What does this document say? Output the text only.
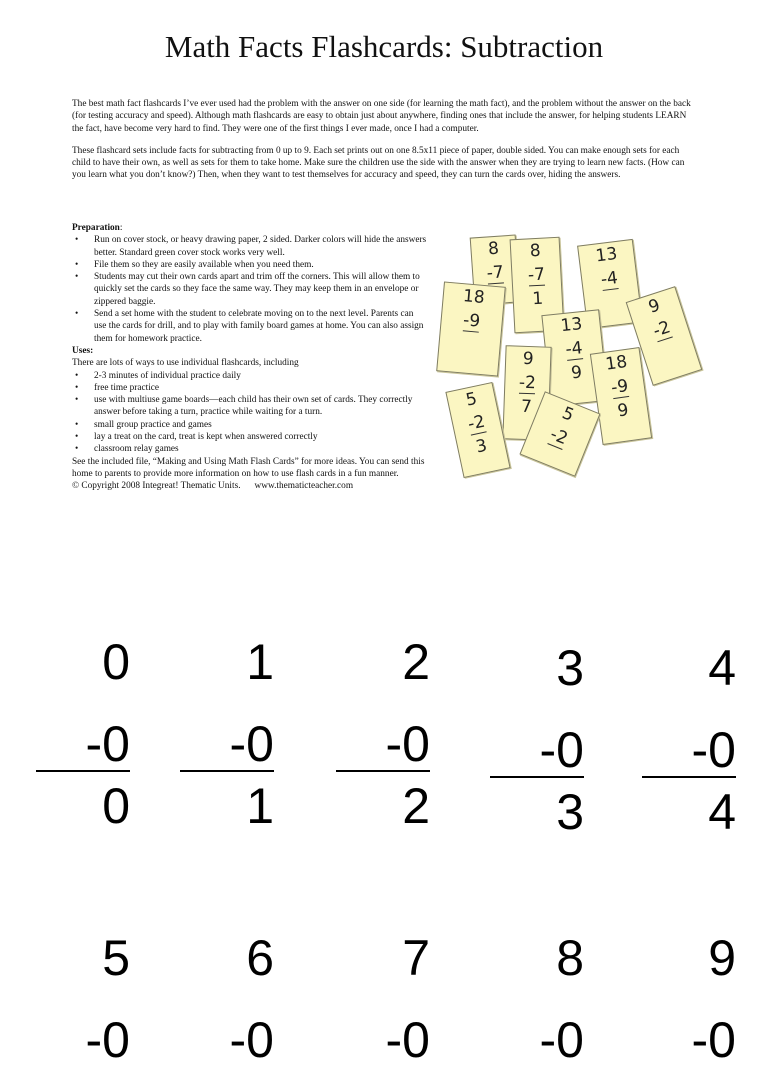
Math Facts Flashcards: Subtraction

The best math fact flashcards I’ve ever used had the problem with the answer on one side (for learning the math fact), and the problem without the answer on the back (for testing accuracy and speed). Although math flashcards are easy to obtain just about anywhere, finding ones that include the answer, for helping students LEARN the fact, have become very hard to find. They were one of the first things I ever made, once I had a computer.

These flashcard sets include facts for subtracting from 0 up to 9. Each set prints out on one 8.5x11 piece of paper, double sided. You can make enough sets for each child to have their own, as well as sets for them to take home. Make sure the children use the side with the answer when they are trying to learn new facts. (How can you learn what you don’t know?) Then, when they want to test themselves for accuracy and speed, they can turn the cards over, hiding the answers.

Preparation:

• Run on cover stock, or heavy drawing paper, 2 sided. Darker colors will hide the answers better. Standard green cover stock works very well.
• File them so they are easily available when you need them.
• Students may cut their own cards apart and trim off the corners. This will allow them to quickly set the cards so they face the same way. They may keep them in an envelope or zippered baggie.
• Send a set home with the student to celebrate moving on to the next level. Parents can use the cards for drill, and to play with family board games at home. You can also assign them for homework practice.

Uses:

There are lots of ways to use individual flashcards, including

• 2-3 minutes of individual practice daily
• free time practice
• use with multiuse game boards—each child has their own set of cards. They correctly answer before taking a turn, practice while waiting for a turn.
• small group practice and games
• lay a treat on the card, treat is kept when answered correctly
• classroom relay games

See the included file, “Making and Using Math Flash Cards” for more ideas. You can send this home to parents to provide more information on how to use flash cards in a fun manner.

© Copyright 2008 Integreat! Thematic Units. www.thematicteacher.com

8
-7
8
-7
1
13
-4
18
-9
9
-2
13
-4
9
9
-2
7
18
-9
9
5
-2
3
5
-2
0
-0
0
1
-0
1
2
-0
2
3
-0
3
4
-0
4
5
-0
6
-0
7
-0
8
-0
9
-0
